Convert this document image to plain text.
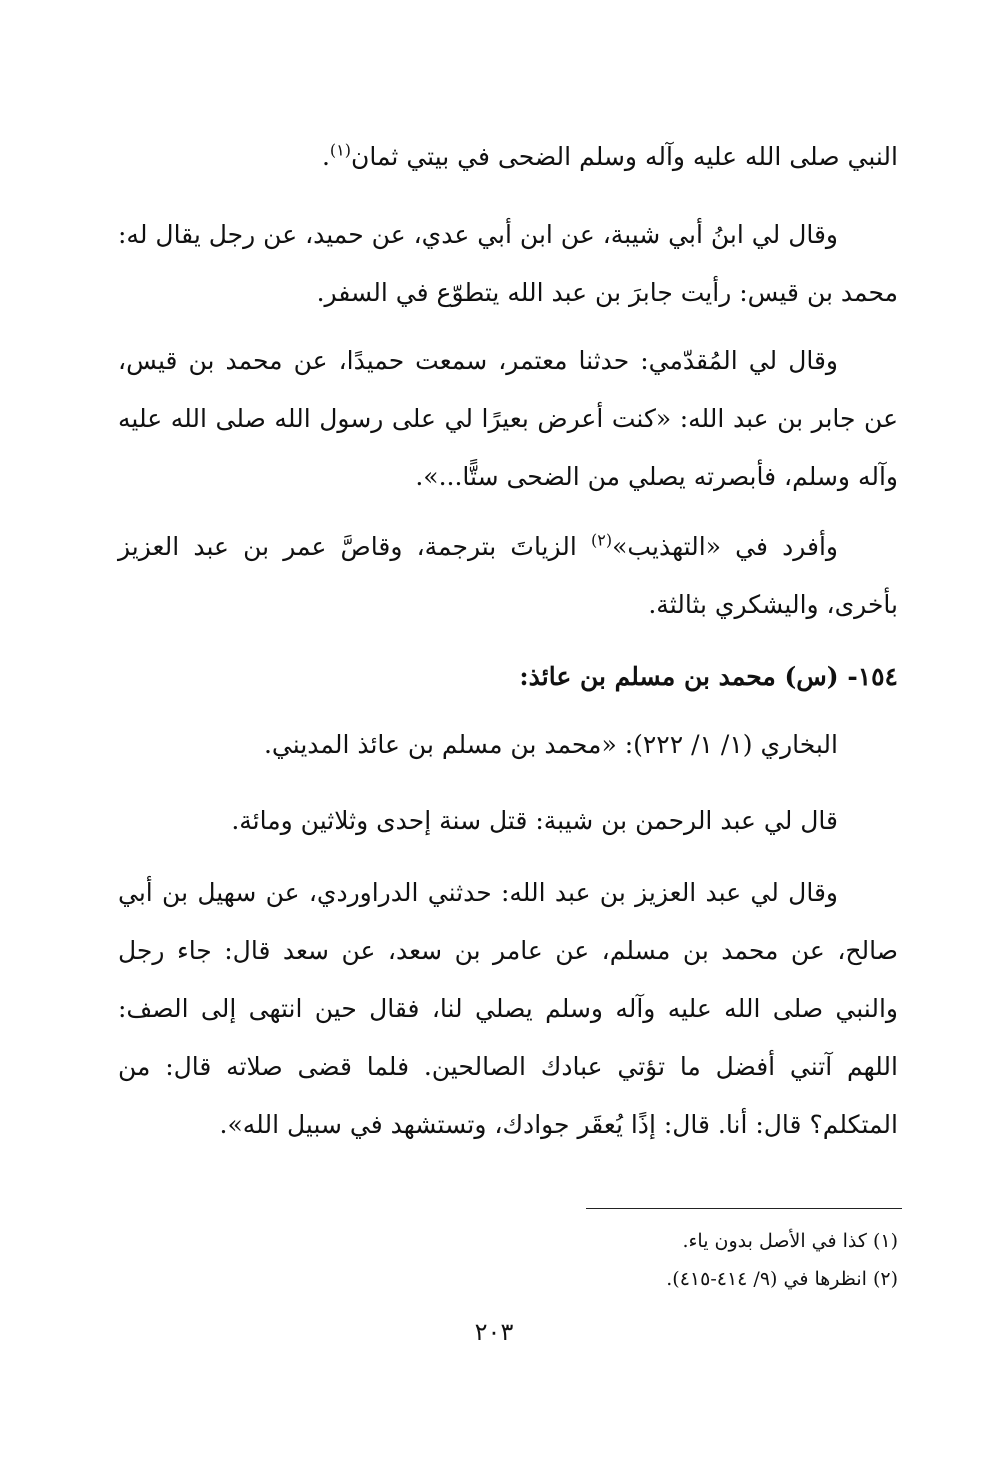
النبي صلى الله عليه وآله وسلم الضحى في بيتي ثمان$^{(١)}$.

وقال لي ابنُ أبي شيبة، عن ابن أبي عدي، عن حميد، عن رجل يقال له: محمد بن قيس: رأيت جابرَ بن عبد الله يتطوّع في السفر.

وقال لي المُقدّمي: حدثنا معتمر، سمعت حميدًا، عن محمد بن قيس، عن جابر بن عبد الله: «كنت أعرض بعيرًا لي على رسول الله صلى الله عليه وآله وسلم، فأبصرته يصلي من الضحى ستًّا...».

وأفرد في «التهذيب»$^{(٢)}$ الزياتَ بترجمة، وقاصَّ عمر بن عبد العزيز بأخرى، واليشكري بثالثة.

١٥٤- (س) محمد بن مسلم بن عائذ:

البخاري (١/ ١/ ٢٢٢): «محمد بن مسلم بن عائذ المديني.

قال لي عبد الرحمن بن شيبة: قتل سنة إحدى وثلاثين ومائة.

وقال لي عبد العزيز بن عبد الله: حدثني الدراوردي، عن سهيل بن أبي صالح، عن محمد بن مسلم، عن عامر بن سعد، عن سعد قال: جاء رجل والنبي صلى الله عليه وآله وسلم يصلي لنا، فقال حين انتهى إلى الصف: اللهم آتني أفضل ما تؤتي عبادك الصالحين. فلما قضى صلاته قال: من المتكلم؟ قال: أنا. قال: إذًا يُعقَر جوادك، وتستشهد في سبيل الله».

(١) كذا في الأصل بدون ياء.

(٢) انظرها في (٩/ ٤١٤-٤١٥).

٢٠٣
